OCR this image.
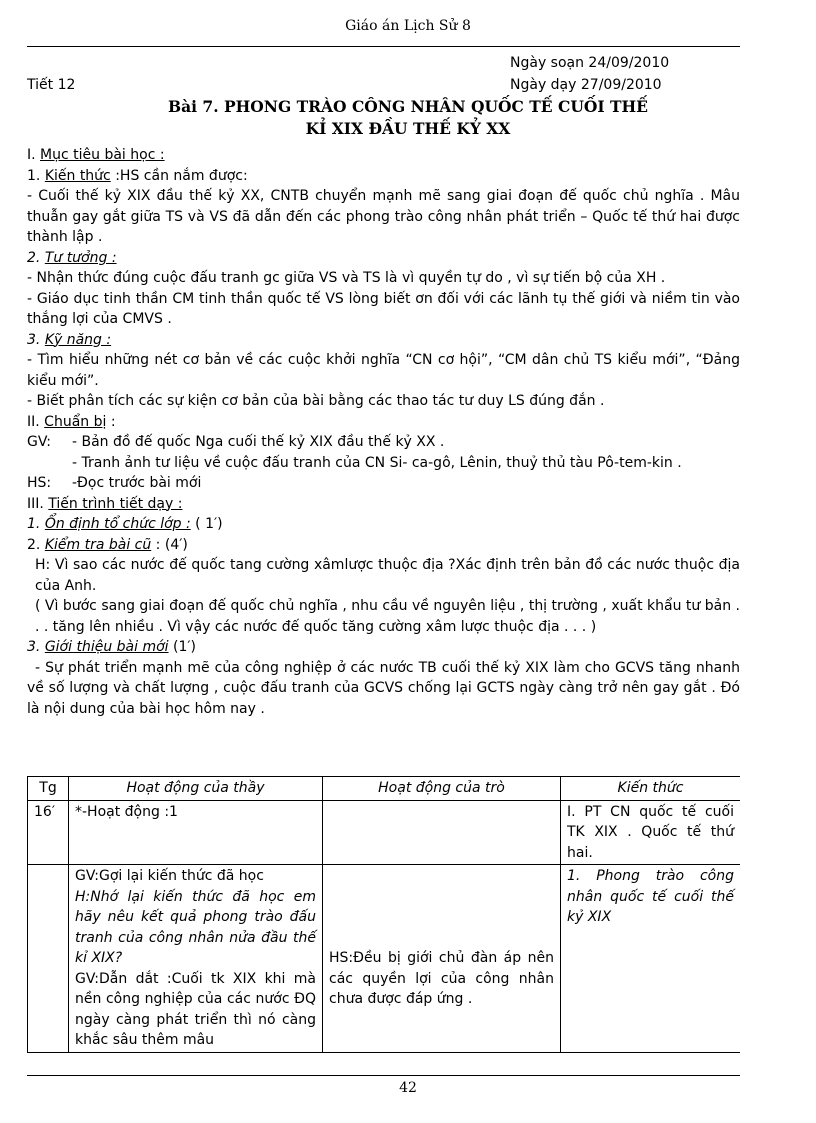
Giáo án Lịch Sử 8
Ngày soạn 24/09/2010
Tiết 12	Ngày dạy 27/09/2010
Bài 7. PHONG TRÀO CÔNG NHÂN QUỐC TẾ CUỐI THẾ
KỈ XIX ĐẦU THẾ KỶ XX

I. Mục tiêu bài học :

1. Kiến thức :HS cần nắm được:

- Cuối thế kỷ XIX đầu thế kỷ XX, CNTB chuyển mạnh mẽ sang giai đoạn đế quốc chủ nghĩa . Mâu thuẫn gay gắt giữa TS và VS đã dẫn đến các phong trào công nhân phát triển – Quốc tế thứ hai được thành lập .

2. Tư tưởng :

- Nhận thức đúng cuộc đấu tranh gc giữa VS và TS là vì quyền tự do , vì sự tiến bộ của XH .

- Giáo dục tinh thần CM tinh thần quốc tế VS lòng biết ơn đối với các lãnh tụ thế giới và niềm tin vào thắng lợi của CMVS .

3. Kỹ năng :

- Tìm hiểu những nét cơ bản về các cuộc khởi nghĩa “CN cơ hội”, “CM dân chủ TS kiểu mới”, “Đảng kiểu mới”.

- Biết phân tích các sự kiện cơ bản của bài bằng các thao tác tư duy LS đúng đắn .

II. Chuẩn bị :

GV: - Bản đồ đế quốc Nga cuối thế kỷ XIX đầu thế kỷ XX .

- Tranh ảnh tư liệu về cuộc đấu tranh của CN Si- ca-gô, Lênin, thuỷ thủ tàu Pô-tem-kin .

HS: -Đọc trước bài mới

III. Tiến trình tiết dạy :

1. Ổn định tổ chức lớp : ( 1′)

2. Kiểm tra bài cũ : (4′)

H: Vì sao các nước đế quốc tang cường xâmlược thuộc địa ?Xác định trên bản đồ các nước thuộc địa của Anh.

( Vì bước sang giai đoạn đế quốc chủ nghĩa , nhu cầu về nguyên liệu , thị trường , xuất khẩu tư bản . . . tăng lên nhiều . Vì vậy các nước đế quốc tăng cường xâm lược thuộc địa . . . )

3. Giới thiệu bài mới (1′)

- Sự phát triển mạnh mẽ của công nghiệp ở các nước TB cuối thế kỷ XIX làm cho GCVS tăng nhanh về số lượng và chất lượng , cuộc đấu tranh của GCVS chống lại GCTS ngày càng trở nên gay gắt . Đó là nội dung của bài học hôm nay .

Tg	Hoạt động của thầy	Hoạt động của trò	Kiến thức
16′	*-Hoạt động :1		I. PT CN quốc tế cuối TK XIX . Quốc tế thứ hai.

	GV:Gợi lại kiến thức đã học
H:Nhớ lại kiến thức đã học em hãy nêu kết quả phong trào đấu tranh của công nhân nửa đầu thế kỉ XIX?
GV:Dẫn dắt :Cuối tk XIX khi mà nền công nghiệp của các nước ĐQ ngày càng phát triển thì nó càng khắc sâu thêm mâu	HS:Đều bị giới chủ đàn áp nên các quyền lợi của công nhân chưa được đáp ứng .	1. Phong trào công nhân quốc tế cuối thế kỷ XIX
42
